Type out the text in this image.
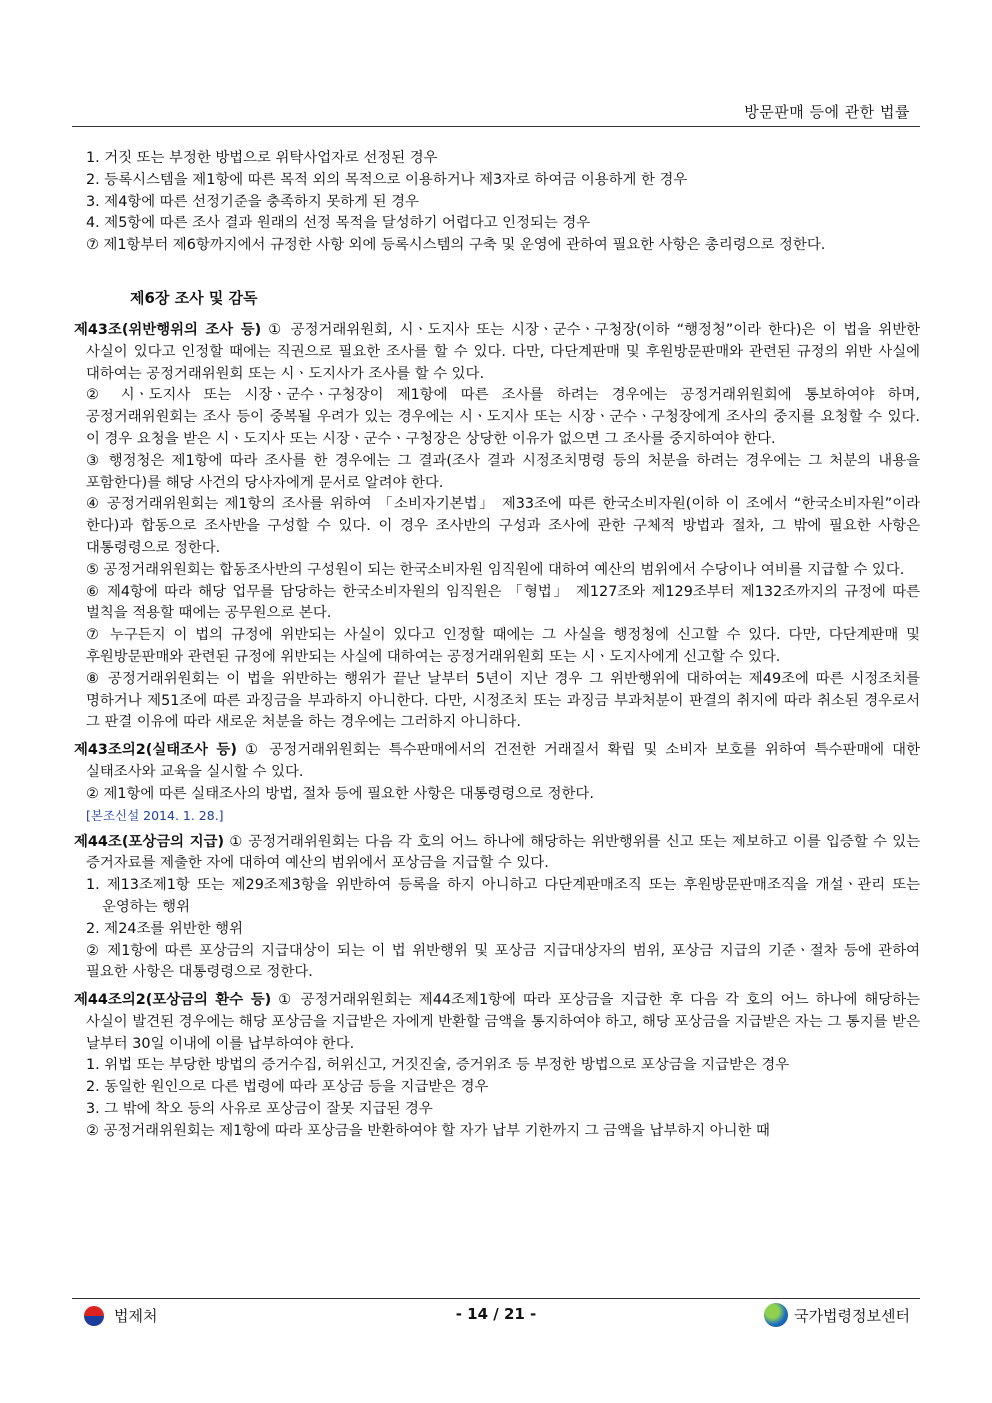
방문판매 등에 관한 법률
1. 거짓 또는 부정한 방법으로 위탁사업자로 선정된 경우
2. 등록시스템을 제1항에 따른 목적 외의 목적으로 이용하거나 제3자로 하여금 이용하게 한 경우
3. 제4항에 따른 선정기준을 충족하지 못하게 된 경우
4. 제5항에 따른 조사 결과 원래의 선정 목적을 달성하기 어렵다고 인정되는 경우
⑦ 제1항부터 제6항까지에서 규정한 사항 외에 등록시스템의 구축 및 운영에 관하여 필요한 사항은 총리령으로 정한다.
제6장 조사 및 감독
제43조(위반행위의 조사 등) ① 공정거래위원회, 시ㆍ도지사 또는 시장ㆍ군수ㆍ구청장(이하 “행정청”이라 한다)은 이 법을 위반한 사실이 있다고 인정할 때에는 직권으로 필요한 조사를 할 수 있다. 다만, 다단계판매 및 후원방문판매와 관련된 규정의 위반 사실에 대하여는 공정거래위원회 또는 시ㆍ도지사가 조사를 할 수 있다.
② 시ㆍ도지사 또는 시장ㆍ군수ㆍ구청장이 제1항에 따른 조사를 하려는 경우에는 공정거래위원회에 통보하여야 하며, 공정거래위원회는 조사 등이 중복될 우려가 있는 경우에는 시ㆍ도지사 또는 시장ㆍ군수ㆍ구청장에게 조사의 중지를 요청할 수 있다. 이 경우 요청을 받은 시ㆍ도지사 또는 시장ㆍ군수ㆍ구청장은 상당한 이유가 없으면 그 조사를 중지하여야 한다.
③ 행정청은 제1항에 따라 조사를 한 경우에는 그 결과(조사 결과 시정조치명령 등의 처분을 하려는 경우에는 그 처분의 내용을 포함한다)를 해당 사건의 당사자에게 문서로 알려야 한다.
④ 공정거래위원회는 제1항의 조사를 위하여 「소비자기본법」 제33조에 따른 한국소비자원(이하 이 조에서 “한국소비자원”이라 한다)과 합동으로 조사반을 구성할 수 있다. 이 경우 조사반의 구성과 조사에 관한 구체적 방법과 절차, 그 밖에 필요한 사항은 대통령령으로 정한다.
⑤ 공정거래위원회는 합동조사반의 구성원이 되는 한국소비자원 임직원에 대하여 예산의 범위에서 수당이나 여비를 지급할 수 있다.
⑥ 제4항에 따라 해당 업무를 담당하는 한국소비자원의 임직원은 「형법」 제127조와 제129조부터 제132조까지의 규정에 따른 벌칙을 적용할 때에는 공무원으로 본다.
⑦ 누구든지 이 법의 규정에 위반되는 사실이 있다고 인정할 때에는 그 사실을 행정청에 신고할 수 있다. 다만, 다단계판매 및 후원방문판매와 관련된 규정에 위반되는 사실에 대하여는 공정거래위원회 또는 시ㆍ도지사에게 신고할 수 있다.
⑧ 공정거래위원회는 이 법을 위반하는 행위가 끝난 날부터 5년이 지난 경우 그 위반행위에 대하여는 제49조에 따른 시정조치를 명하거나 제51조에 따른 과징금을 부과하지 아니한다. 다만, 시정조치 또는 과징금 부과처분이 판결의 취지에 따라 취소된 경우로서 그 판결 이유에 따라 새로운 처분을 하는 경우에는 그러하지 아니하다.
제43조의2(실태조사 등) ① 공정거래위원회는 특수판매에서의 건전한 거래질서 확립 및 소비자 보호를 위하여 특수판매에 대한 실태조사와 교육을 실시할 수 있다.
② 제1항에 따른 실태조사의 방법, 절차 등에 필요한 사항은 대통령령으로 정한다.
[본조신설 2014. 1. 28.]
제44조(포상금의 지급) ① 공정거래위원회는 다음 각 호의 어느 하나에 해당하는 위반행위를 신고 또는 제보하고 이를 입증할 수 있는 증거자료를 제출한 자에 대하여 예산의 범위에서 포상금을 지급할 수 있다.
1. 제13조제1항 또는 제29조제3항을 위반하여 등록을 하지 아니하고 다단계판매조직 또는 후원방문판매조직을 개설ㆍ관리 또는 운영하는 행위
2. 제24조를 위반한 행위
② 제1항에 따른 포상금의 지급대상이 되는 이 법 위반행위 및 포상금 지급대상자의 범위, 포상금 지급의 기준ㆍ절차 등에 관하여 필요한 사항은 대통령령으로 정한다.
제44조의2(포상금의 환수 등) ① 공정거래위원회는 제44조제1항에 따라 포상금을 지급한 후 다음 각 호의 어느 하나에 해당하는 사실이 발견된 경우에는 해당 포상금을 지급받은 자에게 반환할 금액을 통지하여야 하고, 해당 포상금을 지급받은 자는 그 통지를 받은 날부터 30일 이내에 이를 납부하여야 한다.
1. 위법 또는 부당한 방법의 증거수집, 허위신고, 거짓진술, 증거위조 등 부정한 방법으로 포상금을 지급받은 경우
2. 동일한 원인으로 다른 법령에 따라 포상금 등을 지급받은 경우
3. 그 밖에 착오 등의 사유로 포상금이 잘못 지급된 경우
② 공정거래위원회는 제1항에 따라 포상금을 반환하여야 할 자가 납부 기한까지 그 금액을 납부하지 아니한 때
법제처	- 14 / 21 -	국가법령정보센터
